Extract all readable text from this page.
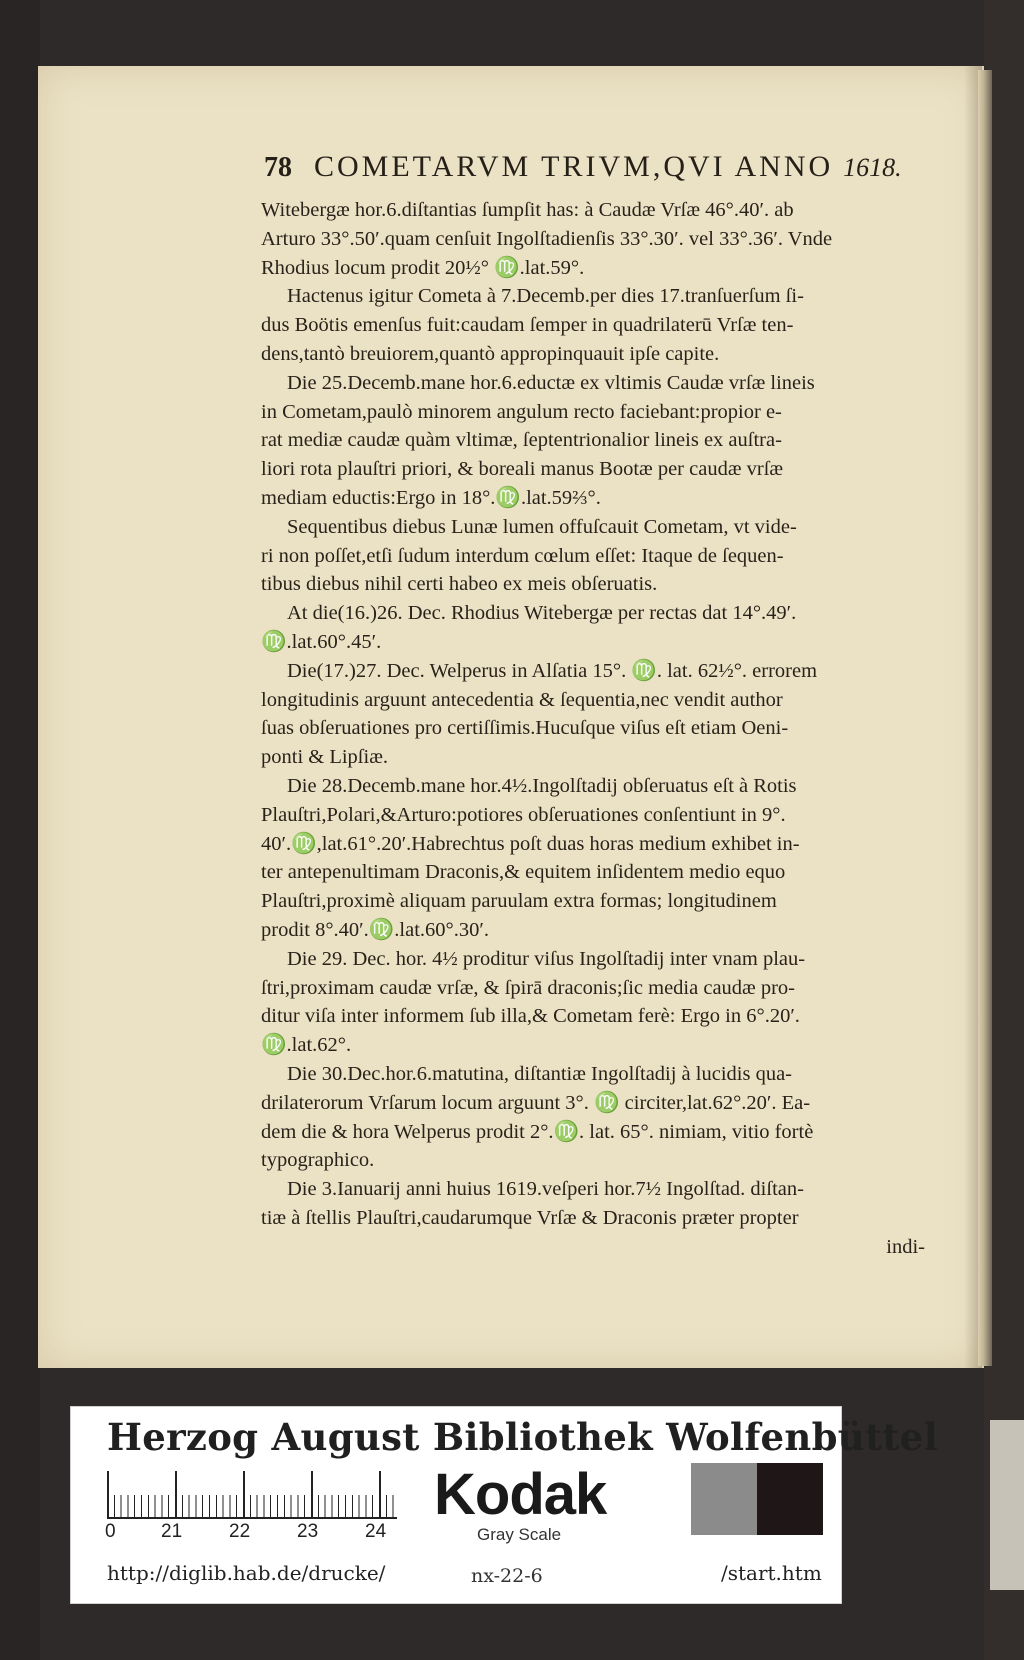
78 COMETARVM TRIVM,QVI ANNO 1618.
Witebergæ hor.6.diſtantias ſumpſit has: à Caudæ Vrſæ 46°.40′. ab
Arturo 33°.50′.quam cenſuit Ingolſtadienſis 33°.30′. vel 33°.36′. Vnde
Rhodius locum prodit 20½° ♍.lat.59°.
Hactenus igitur Cometa à 7.Decemb.per dies 17.tranſuerſum ſi-
dus Boötis emenſus fuit:caudam ſemper in quadrilaterū Vrſæ ten-
dens,tantò breuiorem,quantò appropinquauit ipſe capite.
Die 25.Decemb.mane hor.6.eductæ ex vltimis Caudæ vrſæ lineis
in Cometam,paulò minorem angulum recto faciebant:propior e-
rat mediæ caudæ quàm vltimæ, ſeptentrionalior lineis ex auſtra-
liori rota plauſtri priori, & boreali manus Bootæ per caudæ vrſæ
mediam eductis:Ergo in 18°.♍.lat.59⅔°.
Sequentibus diebus Lunæ lumen offuſcauit Cometam, vt vide-
ri non poſſet,etſi ſudum interdum cœlum eſſet: Itaque de ſequen-
tibus diebus nihil certi habeo ex meis obſeruatis.
At die(16.)26. Dec. Rhodius Witebergæ per rectas dat 14°.49′.
♍.lat.60°.45′.
Die(17.)27. Dec. Welperus in Alſatia 15°. ♍. lat. 62½°. errorem
longitudinis arguunt antecedentia & ſequentia,nec vendit author
ſuas obſeruationes pro certiſſimis.Hucuſque viſus eſt etiam Oeni-
ponti & Lipſiæ.
Die 28.Decemb.mane hor.4½.Ingolſtadij obſeruatus eſt à Rotis
Plauſtri,Polari,&Arturo:potiores obſeruationes conſentiunt in 9°.
40′.♍,lat.61°.20′.Habrechtus poſt duas horas medium exhibet in-
ter antepenultimam Draconis,& equitem inſidentem medio equo
Plauſtri,proximè aliquam paruulam extra formas; longitudinem
prodit 8°.40′.♍.lat.60°.30′.
Die 29. Dec. hor. 4½ proditur viſus Ingolſtadij inter vnam plau-
ſtri,proximam caudæ vrſæ, & ſpirā draconis;ſic media caudæ pro-
ditur viſa inter informem ſub illa,& Cometam ferè: Ergo in 6°.20′.
♍.lat.62°.
Die 30.Dec.hor.6.matutina, diſtantiæ Ingolſtadij à lucidis qua-
drilaterorum Vrſarum locum arguunt 3°. ♍ circiter,lat.62°.20′. Ea-
dem die & hora Welperus prodit 2°.♍. lat. 65°. nimiam, vitio fortè
typographico.
Die 3.Ianuarij anni huius 1619.veſperi hor.7½ Ingolſtad. diſtan-
tiæ à ſtellis Plauſtri,caudarumque Vrſæ & Draconis præter propter
indi-
Herzog August Bibliothek Wolfenbüttel
0 21 22 23 24
Kodak
Gray Scale
http://diglib.hab.de/drucke/	nx-22-6	/start.htm
